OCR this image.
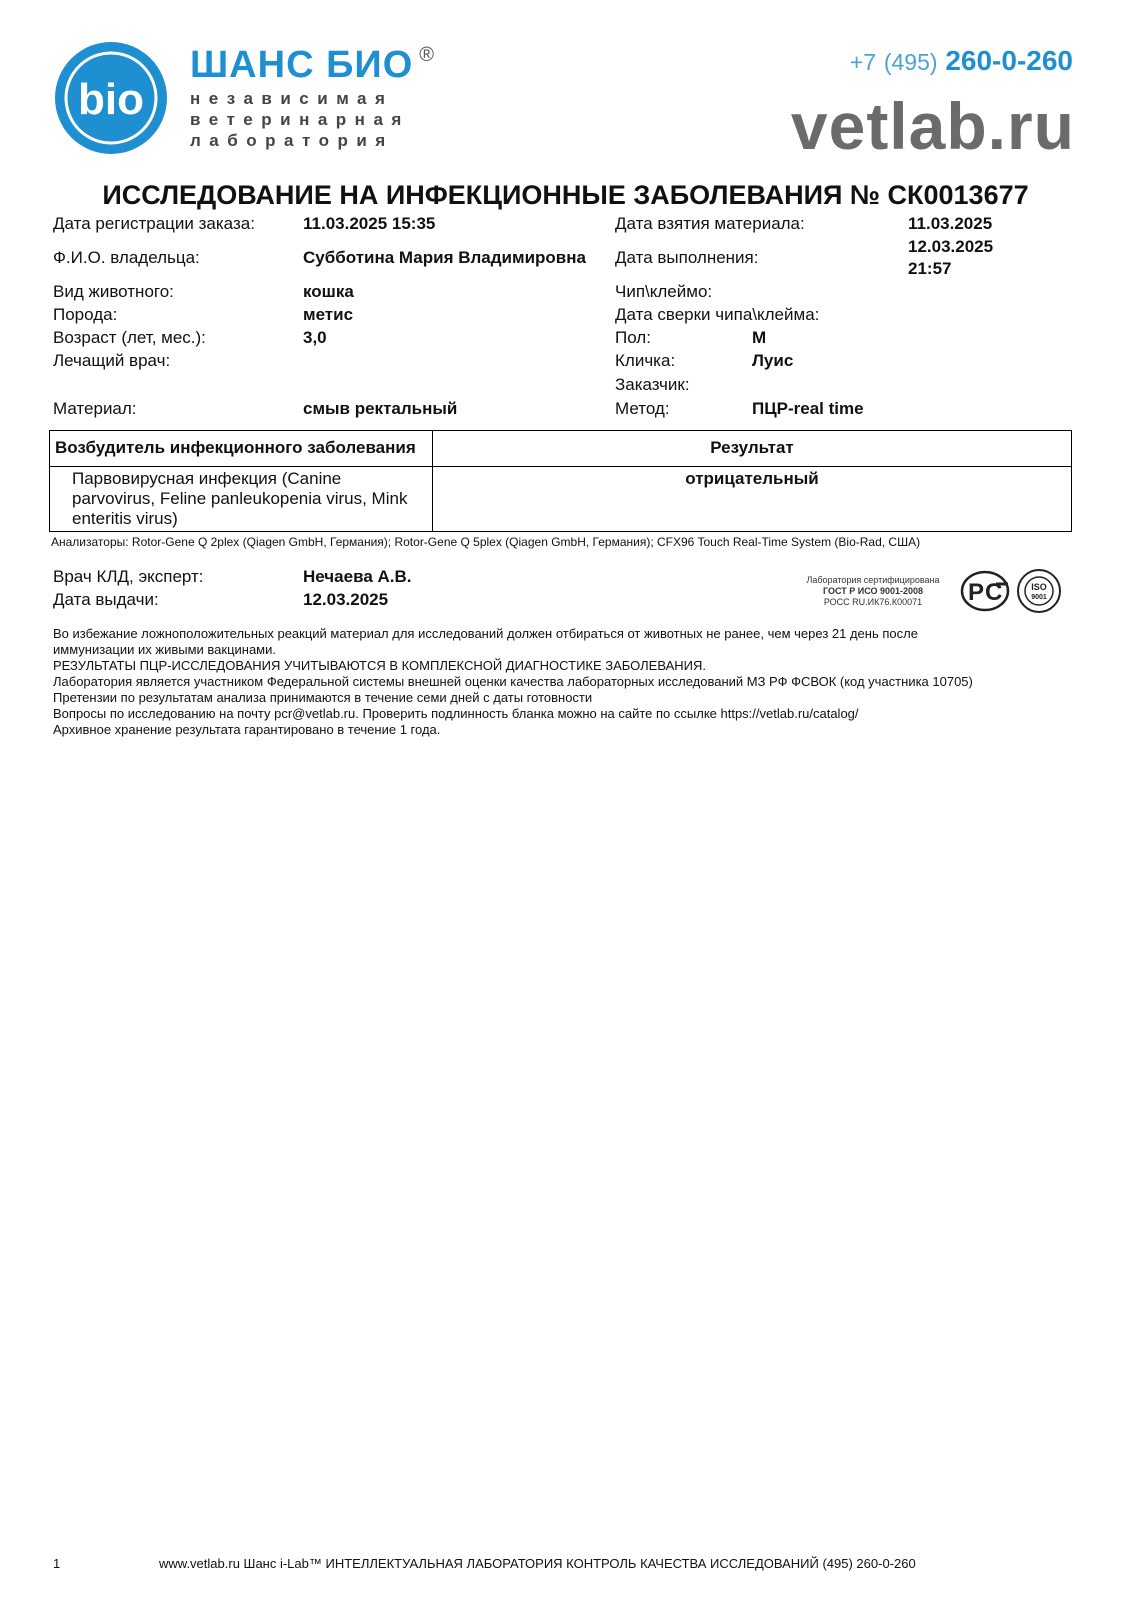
bio
ШАНС БИО ®
независимая
ветеринарная
лаборатория
+7 (495) 260-0-260
vetlab.ru
ИССЛЕДОВАНИЕ НА ИНФЕКЦИОННЫЕ ЗАБОЛЕВАНИЯ № СК0013677
Дата регистрации заказа:	11.03.2025 15:35
Ф.И.О. владельца:	Субботина Мария Владимировна
Вид животного:	кошка
Порода:	метис
Возраст (лет, мес.):	3,0
Лечащий врач:
Материал:	смыв ректальный
Дата взятия материала:	11.03.2025
Дата выполнения:
12.03.2025
21:57
Чип\клеймо:
Дата сверки чипа\клейма:
Пол:	М
Кличка:	Луис
Заказчик:
Метод:	ПЦР-real time
Возбудитель инфекционного заболевания	Результат
Парвовирусная инфекция (Canine
parvovirus, Feline panleukopenia virus, Mink
enteritis virus)	отрицательный
Анализаторы: Rotor-Gene Q 2plex (Qiagen GmbH, Германия); Rotor-Gene Q 5plex (Qiagen GmbH, Германия); CFX96 Touch Real-Time System (Bio-Rad, США)
Врач КЛД, эксперт:	Нечаева А.В.
Дата выдачи:	12.03.2025
Лаборатория сертифицирована
ГОСТ Р ИСО 9001-2008
РОСС RU.ИК76.К00071	Р С	ISO
9001
Во избежание ложноположительных реакций материал для исследований должен отбираться от животных не ранее, чем через 21 день после
иммунизации их живыми вакцинами.
РЕЗУЛЬТАТЫ ПЦР-ИССЛЕДОВАНИЯ УЧИТЫВАЮТСЯ В КОМПЛЕКСНОЙ ДИАГНОСТИКЕ ЗАБОЛЕВАНИЯ.
Лаборатория является участником Федеральной системы внешней оценки качества лабораторных исследований МЗ РФ ФСВОК (код участника 10705)
Претензии по результатам анализа принимаются в течение семи дней с даты готовности
Вопросы по исследованию на почту pcr@vetlab.ru. Проверить подлинность бланка можно на сайте по ссылке https://vetlab.ru/catalog/
Архивное хранение результата гарантировано в течение 1 года.
1	www.vetlab.ru Шанс i-Lab™ ИНТЕЛЛЕКТУАЛЬНАЯ ЛАБОРАТОРИЯ КОНТРОЛЬ КАЧЕСТВА ИССЛЕДОВАНИЙ (495) 260-0-260
